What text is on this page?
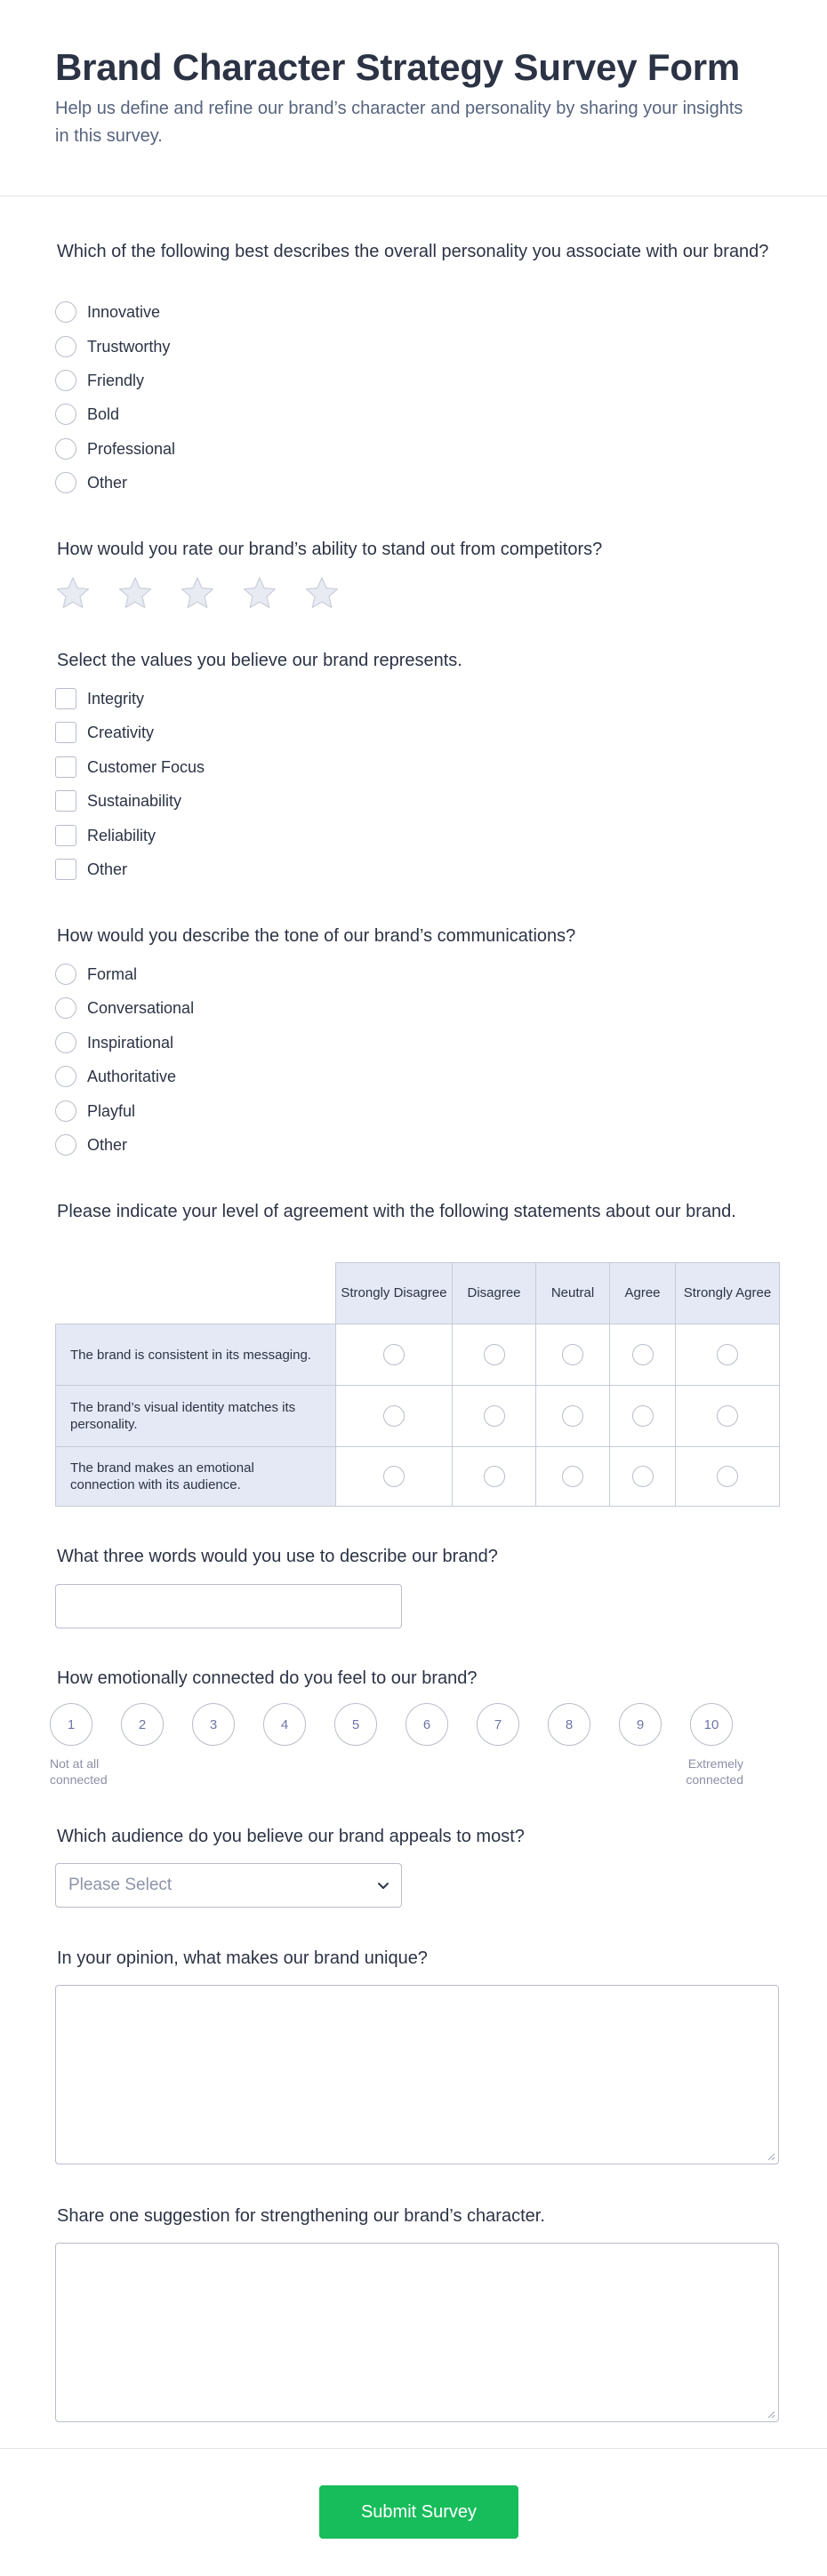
Brand Character Strategy Survey Form

Help us define and refine our brand’s character and personality by sharing your insights in this survey.

Which of the following best describes the overall personality you associate with our brand?
Innovative
Trustworthy
Friendly
Bold
Professional
Other
How would you rate our brand’s ability to stand out from competitors?
Select the values you believe our brand represents.
Integrity
Creativity
Customer Focus
Sustainability
Reliability
Other
How would you describe the tone of our brand’s communications?
Formal
Conversational
Inspirational
Authoritative
Playful
Other
Please indicate your level of agreement with the following statements about our brand.
	Strongly Disagree	Disagree	Neutral	Agree	Strongly Agree
The brand is consistent in its messaging.					
The brand’s visual identity matches its personality.					
The brand makes an emotional connection with its audience.					
What three words would you use to describe our brand?
How emotionally connected do you feel to our brand?
1	2	3	4	5	6	7	8	9	10
Not at all connected
Extremely connected
Which audience do you believe our brand appeals to most?
Please Select
In your opinion, what makes our brand unique?
Share one suggestion for strengthening our brand’s character.
Submit Survey
